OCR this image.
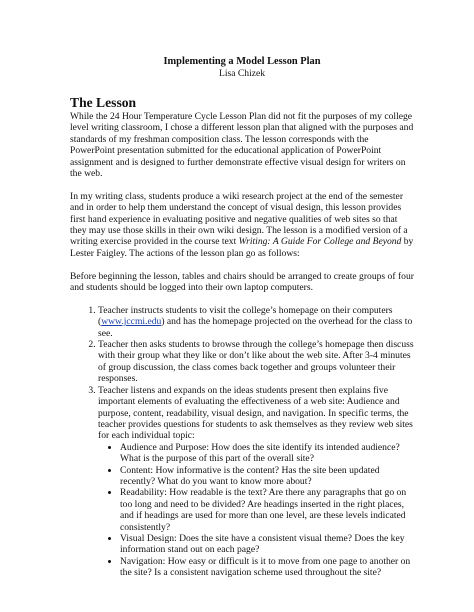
Implementing a Model Lesson Plan

Lisa Chizek

The Lesson

While the 24 Hour Temperature Cycle Lesson Plan did not fit the purposes of my college level writing classroom, I chose a different lesson plan that aligned with the purposes and standards of my freshman composition class. The lesson corresponds with the PowerPoint presentation submitted for the educational application of PowerPoint assignment and is designed to further demonstrate effective visual design for writers on the web.

In my writing class, students produce a wiki research project at the end of the semester and in order to help them understand the concept of visual design, this lesson provides first hand experience in evaluating positive and negative qualities of web sites so that they may use those skills in their own wiki design. The lesson is a modified version of a writing exercise provided in the course text Writing: A Guide For College and Beyond by Lester Faigley. The actions of the lesson plan go as follows:

Before beginning the lesson, tables and chairs should be arranged to create groups of four and students should be logged into their own laptop computers.

1. Teacher instructs students to visit the college’s homepage on their computers (www.jccmi.edu) and has the homepage projected on the overhead for the class to see.
2. Teacher then asks students to browse through the college’s homepage then discuss with their group what they like or don’t like about the web site. After 3-4 minutes of group discussion, the class comes back together and groups volunteer their responses.
3. Teacher listens and expands on the ideas students present then explains five important elements of evaluating the effectiveness of a web site: Audience and purpose, content, readability, visual design, and navigation. In specific terms, the teacher provides questions for students to ask themselves as they review web sites for each individual topic:
• Audience and Purpose: How does the site identify its intended audience? What is the purpose of this part of the overall site?
• Content: How informative is the content? Has the site been updated recently? What do you want to know more about?
• Readability: How readable is the text? Are there any paragraphs that go on too long and need to be divided? Are headings inserted in the right places, and if headings are used for more than one level, are these levels indicated consistently?
• Visual Design: Does the site have a consistent visual theme? Does the key information stand out on each page?
• Navigation: How easy or difficult is it to move from one page to another on the site? Is a consistent navigation scheme used throughout the site?
